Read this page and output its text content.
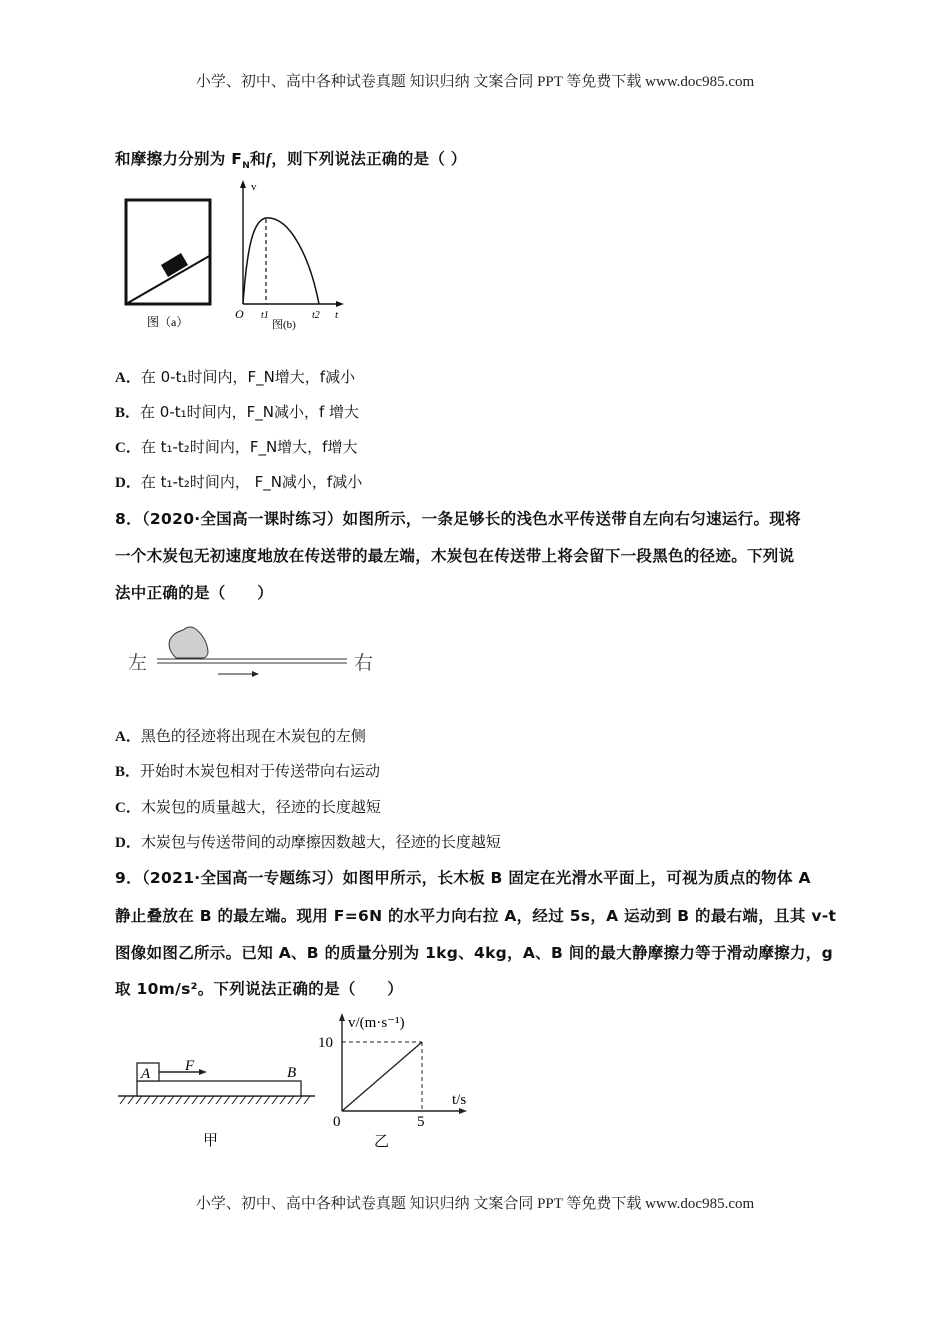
小学、初中、高中各种试卷真题 知识归纳 文案合同 PPT 等免费下载 www.doc985.com
和摩擦力分别为 $F_N$和f，则下列说法正确的是（ ）
图（a）
v
O t1	t2 t
图(b)
A．在 0-t₁时间内，F_N增大，f减小
B．在 0-t₁时间内，F_N减小，f 增大
C．在 t₁-t₂时间内，F_N增大，f增大
D．在 t₁-t₂时间内， F_N减小，f减小
8．（2020·全国高一课时练习）如图所示，一条足够长的浅色水平传送带自左向右匀速运行。现将
一个木炭包无初速度地放在传送带的最左端，木炭包在传送带上将会留下一段黑色的径迹。下列说
法中正确的是（　　）
左	右
A．黑色的径迹将出现在木炭包的左侧
B．开始时木炭包相对于传送带向右运动
C．木炭包的质量越大，径迹的长度越短
D．木炭包与传送带间的动摩擦因数越大，径迹的长度越短
9．（2021·全国高一专题练习）如图甲所示，长木板 B 固定在光滑水平面上，可视为质点的物体 A
静止叠放在 B 的最左端。现用 F=6N 的水平力向右拉 A，经过 5s，A 运动到 B 的最右端，且其 v-t
图像如图乙所示。已知 A、B 的质量分别为 1kg、4kg，A、B 间的最大静摩擦力等于滑动摩擦力，g
取 10m/s²。下列说法正确的是（　　）
A F	B
甲
v/(m·s⁻¹)
10
0	5
t/s
乙
小学、初中、高中各种试卷真题 知识归纳 文案合同 PPT 等免费下载 www.doc985.com
